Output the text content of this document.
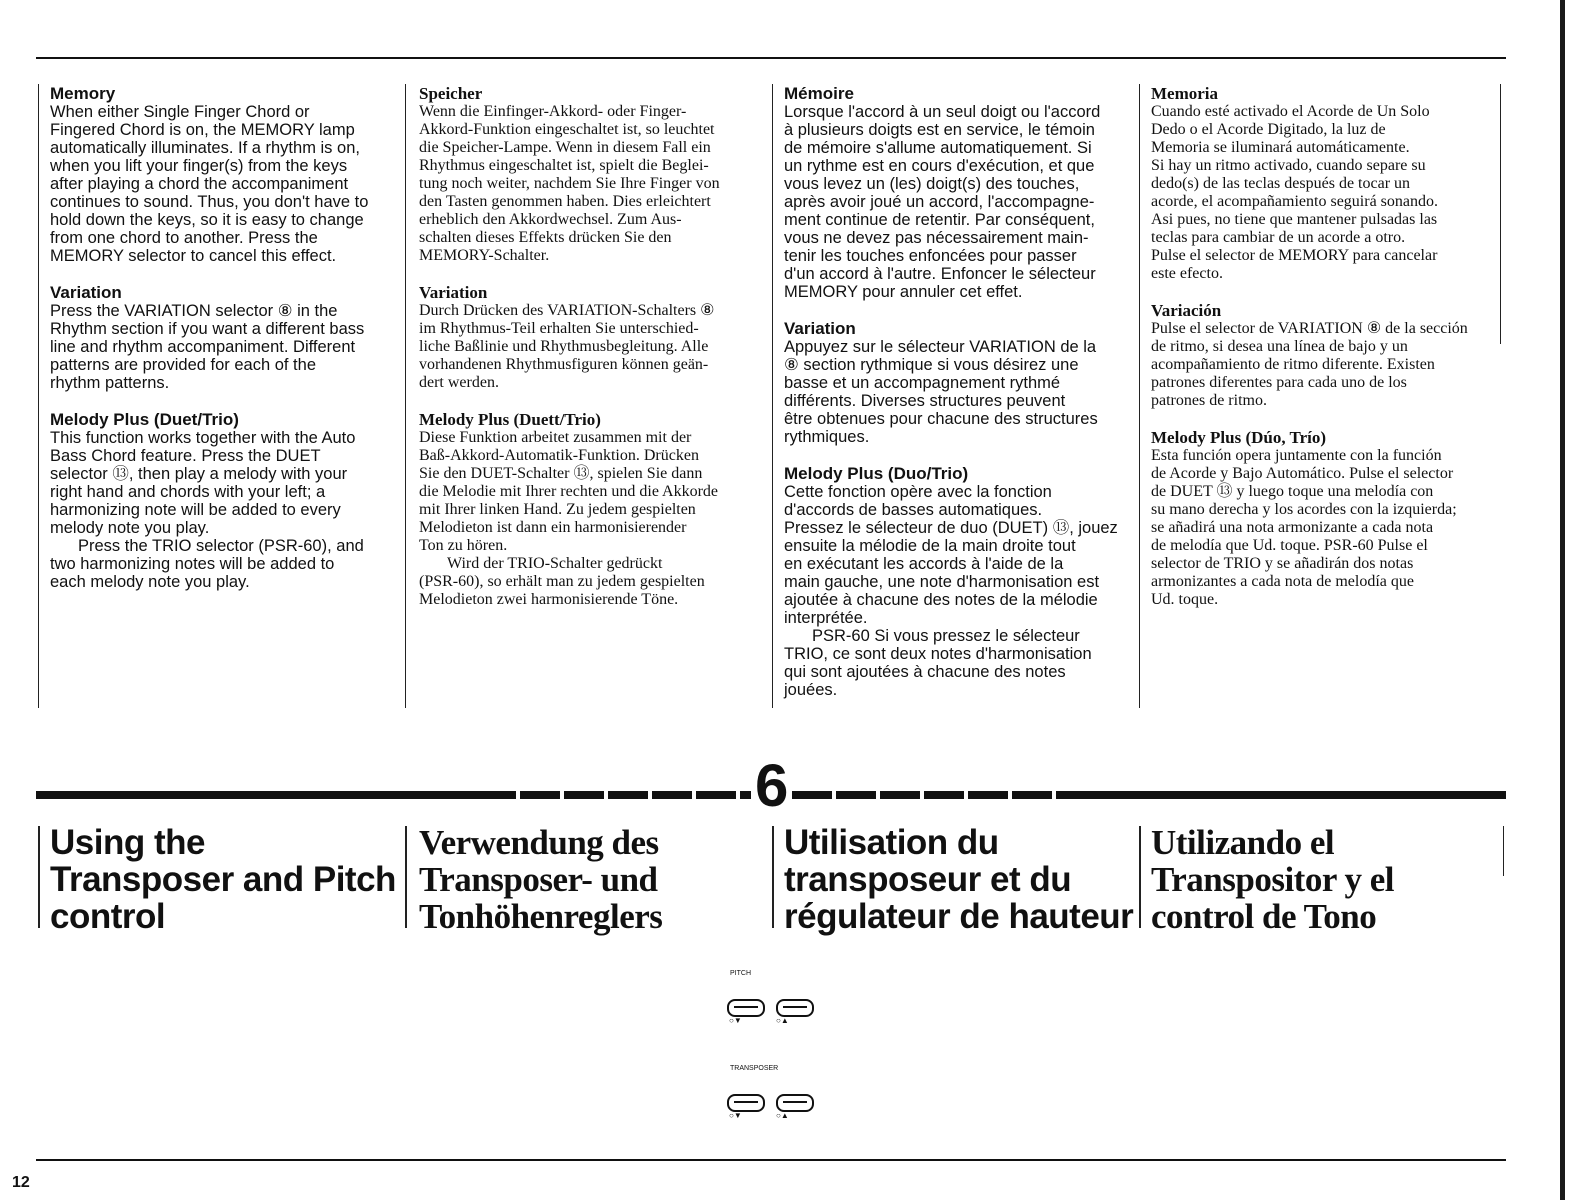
Memory

When either Single Finger Chord or
Fingered Chord is on, the MEMORY lamp
automatically illuminates. If a rhythm is on,
when you lift your finger(s) from the keys
after playing a chord the accompaniment
continues to sound. Thus, you don't have to
hold down the keys, so it is easy to change
from one chord to another. Press the
MEMORY selector to cancel this effect.

Variation

Press the VARIATION selector ⑧ in the
Rhythm section if you want a different bass
line and rhythm accompaniment. Different
patterns are provided for each of the
rhythm patterns.

Melody Plus (Duet/Trio)

This function works together with the Auto
Bass Chord feature. Press the DUET
selector ⑬, then play a melody with your
right hand and chords with your left; a
harmonizing note will be added to every
melody note you play.

Press the TRIO selector (PSR-60), and
two harmonizing notes will be added to
each melody note you play.

Speicher

Wenn die Einfinger-Akkord- oder Finger-
Akkord-Funktion eingeschaltet ist, so leuchtet
die Speicher-Lampe. Wenn in diesem Fall ein
Rhythmus eingeschaltet ist, spielt die Beglei-
tung noch weiter, nachdem Sie Ihre Finger von
den Tasten genommen haben. Dies erleichtert
erheblich den Akkordwechsel. Zum Aus-
schalten dieses Effekts drücken Sie den
MEMORY-Schalter.

Variation

Durch Drücken des VARIATION-Schalters ⑧
im Rhythmus-Teil erhalten Sie unterschied-
liche Baßlinie und Rhythmusbegleitung. Alle
vorhandenen Rhythmusfiguren können geän-
dert werden.

Melody Plus (Duett/Trio)

Diese Funktion arbeitet zusammen mit der
Baß-Akkord-Automatik-Funktion. Drücken
Sie den DUET-Schalter ⑬, spielen Sie dann
die Melodie mit Ihrer rechten und die Akkorde
mit Ihrer linken Hand. Zu jedem gespielten
Melodieton ist dann ein harmonisierender
Ton zu hören.

Wird der TRIO-Schalter gedrückt
(PSR-60), so erhält man zu jedem gespielten
Melodieton zwei harmonisierende Töne.

Mémoire

Lorsque l'accord à un seul doigt ou l'accord
à plusieurs doigts est en service, le témoin
de mémoire s'allume automatiquement. Si
un rythme est en cours d'exécution, et que
vous levez un (les) doigt(s) des touches,
après avoir joué un accord, l'accompagne-
ment continue de retentir. Par conséquent,
vous ne devez pas nécessairement main-
tenir les touches enfoncées pour passer
d'un accord à l'autre. Enfoncer le sélecteur
MEMORY pour annuler cet effet.

Variation

Appuyez sur le sélecteur VARIATION de la
⑧ section rythmique si vous désirez une
basse et un accompagnement rythmé
différents. Diverses structures peuvent
être obtenues pour chacune des structures
rythmiques.

Melody Plus (Duo/Trio)

Cette fonction opère avec la fonction
d'accords de basses automatiques.
Pressez le sélecteur de duo (DUET) ⑬, jouez
ensuite la mélodie de la main droite tout
en exécutant les accords à l'aide de la
main gauche, une note d'harmonisation est
ajoutée à chacune des notes de la mélodie
interprétée.

PSR-60 Si vous pressez le sélecteur
TRIO, ce sont deux notes d'harmonisation
qui sont ajoutées à chacune des notes
jouées.

Memoria

Cuando esté activado el Acorde de Un Solo
Dedo o el Acorde Digitado, la luz de
Memoria se iluminará automáticamente.
Si hay un ritmo activado, cuando separe su
dedo(s) de las teclas después de tocar un
acorde, el acompañamiento seguirá sonando.
Asi pues, no tiene que mantener pulsadas las
teclas para cambiar de un acorde a otro.
Pulse el selector de MEMORY para cancelar
este efecto.

Variación

Pulse el selector de VARIATION ⑧ de la sección
de ritmo, si desea una línea de bajo y un
acompañamiento de ritmo diferente. Existen
patrones diferentes para cada uno de los
patrones de ritmo.

Melody Plus (Dúo, Trío)

Esta función opera juntamente con la función
de Acorde y Bajo Automático. Pulse el selector
de DUET ⑬ y luego toque una melodía con
su mano derecha y los acordes con la izquierda;
se añadirá una nota armonizante a cada nota
de melodía que Ud. toque. PSR-60 Pulse el
selector de TRIO y se añadirán dos notas
armonizantes a cada nota de melodía que
Ud. toque.

6
Using the
Transposer and Pitch
control
Verwendung des
Transposer- und
Tonhöhenreglers
Utilisation du
transposeur et du
régulateur de hauteur
Utilizando el
Transpositor y el
control de Tono
PITCH
○▼	○▲
TRANSPOSER
○▼	○▲
12
